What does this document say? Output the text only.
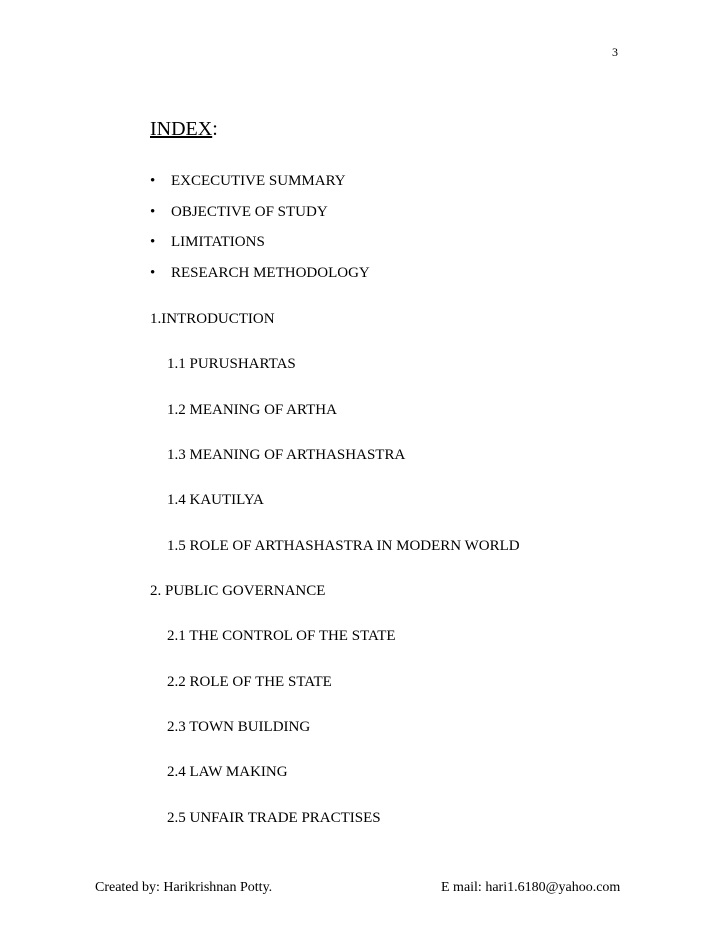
3
INDEX:
• EXCECUTIVE SUMMARY
• OBJECTIVE OF STUDY
• LIMITATIONS
• RESEARCH METHODOLOGY
1.INTRODUCTION
1.1 PURUSHARTAS
1.2 MEANING OF ARTHA
1.3 MEANING OF ARTHASHASTRA
1.4 KAUTILYA
1.5 ROLE OF ARTHASHASTRA IN MODERN WORLD
2. PUBLIC GOVERNANCE
2.1 THE CONTROL OF THE STATE
2.2 ROLE OF THE STATE
2.3 TOWN BUILDING
2.4 LAW MAKING
2.5 UNFAIR TRADE PRACTISES
Created by: Harikrishnan Potty.	E mail: hari1.6180@yahoo.com
